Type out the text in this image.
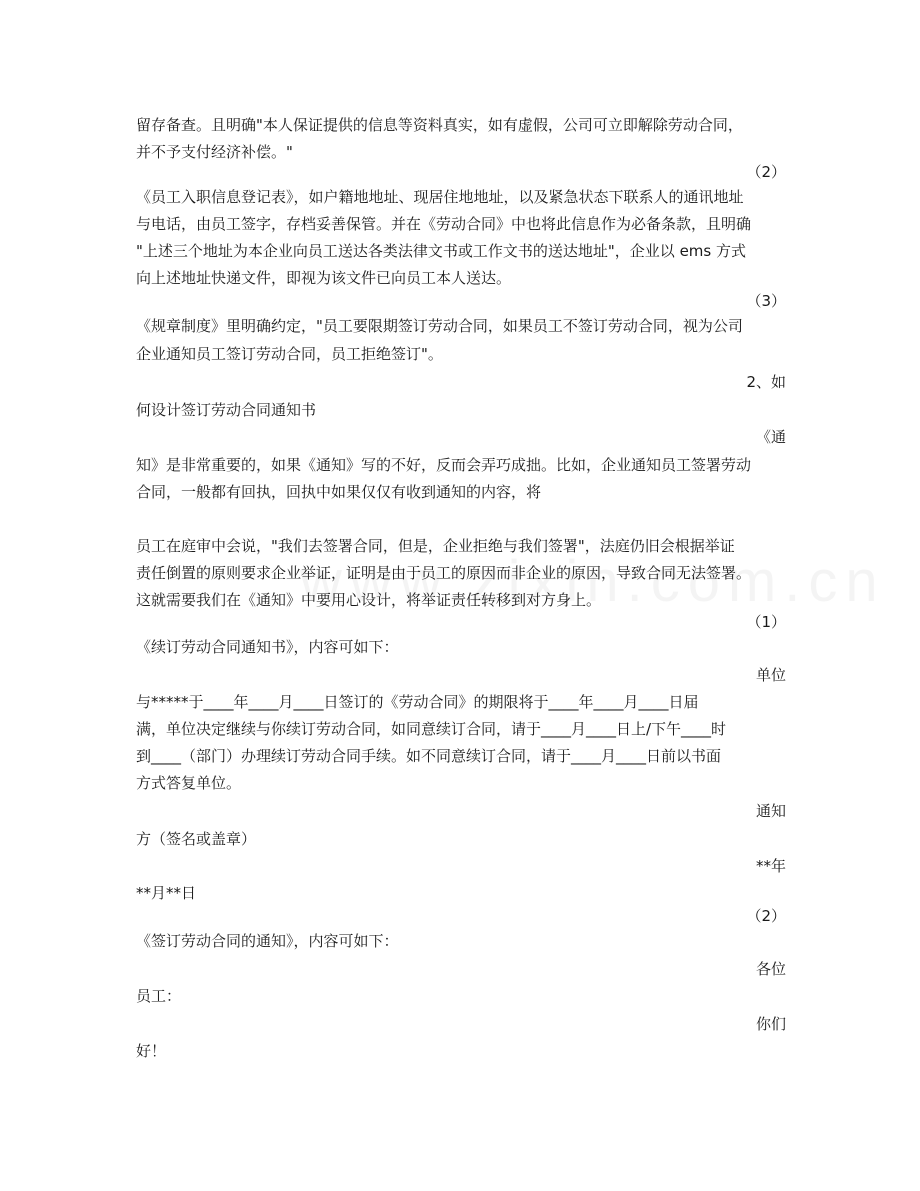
留存备查。且明确"本人保证提供的信息等资料真实，如有虚假，公司可立即解除劳动合同，
并不予支付经济补偿。"
（2）
《员工入职信息登记表》，如户籍地地址、现居住地地址，以及紧急状态下联系人的通讯地址
与电话，由员工签字，存档妥善保管。并在《劳动合同》中也将此信息作为必备条款，且明确
"上述三个地址为本企业向员工送达各类法律文书或工作文书的送达地址"，企业以 ems 方式
向上述地址快递文件，即视为该文件已向员工本人送达。
（3）
《规章制度》里明确约定，"员工要限期签订劳动合同，如果员工不签订劳动合同，视为公司
企业通知员工签订劳动合同，员工拒绝签订"。
2、如
何设计签订劳动合同通知书
《通
知》是非常重要的，如果《通知》写的不好，反而会弄巧成拙。比如，企业通知员工签署劳动
合同，一般都有回执，回执中如果仅仅有收到通知的内容，将
员工在庭审中会说，"我们去签署合同，但是，企业拒绝与我们签署"，法庭仍旧会根据举证
责任倒置的原则要求企业举证，证明是由于员工的原因而非企业的原因，导致合同无法签署。
这就需要我们在《通知》中要用心设计，将举证责任转移到对方身上。
（1）
《续订劳动合同通知书》，内容可如下：
单位
与*****于____年____月____日签订的《劳动合同》的期限将于____年____月____日届
满，单位决定继续与你续订劳动合同，如同意续订合同，请于____月____日上/下午____时
到____（部门）办理续订劳动合同手续。如不同意续订合同，请于____月____日前以书面
方式答复单位。
通知
方（签名或盖章）
**年
**月**日
（2）
《签订劳动合同的通知》，内容可如下：
各位
员工：
你们
好！
